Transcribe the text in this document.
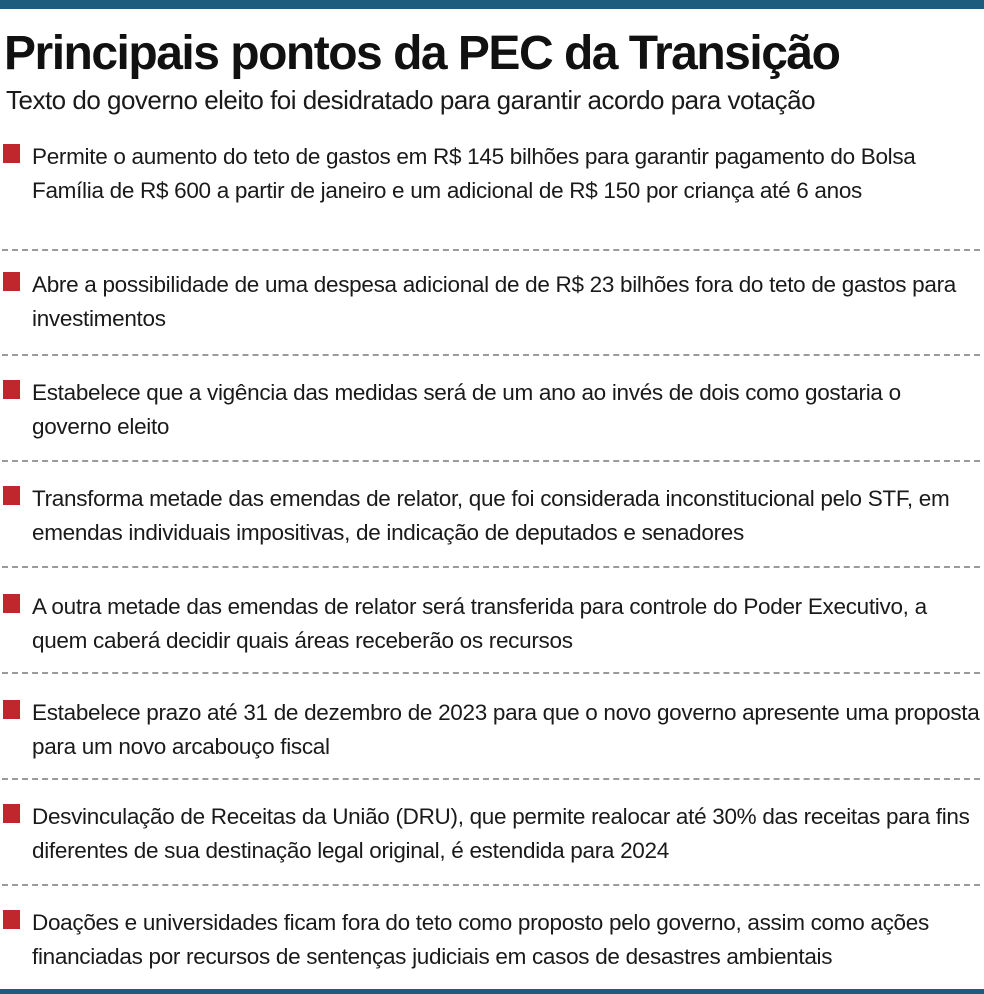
Principais pontos da PEC da Transição

Texto do governo eleito foi desidratado para garantir acordo para votação

Permite o aumento do teto de gastos em R$ 145 bilhões para garantir pagamento do Bolsa Família de R$ 600 a partir de janeiro e um adicional de R$ 150 por criança até 6 anos

Abre a possibilidade de uma despesa adicional de de R$ 23 bilhões fora do teto de gastos para investimentos

Estabelece que a vigência das medidas será de um ano ao invés de dois como gostaria o governo eleito

Transforma metade das emendas de relator, que foi considerada inconstitucional pelo STF, em emendas individuais impositivas, de indicação de deputados e senadores

A outra metade das emendas de relator será transferida para controle do Poder Executivo, a quem caberá decidir quais áreas receberão os recursos

Estabelece prazo até 31 de dezembro de 2023 para que o novo governo apresente uma proposta para um novo arcabouço fiscal

Desvinculação de Receitas da União (DRU), que permite realocar até 30% das receitas para fins diferentes de sua destinação legal original, é estendida para 2024

Doações e universidades ficam fora do teto como proposto pelo governo, assim como ações financiadas por recursos de sentenças judiciais em casos de desastres ambientais
